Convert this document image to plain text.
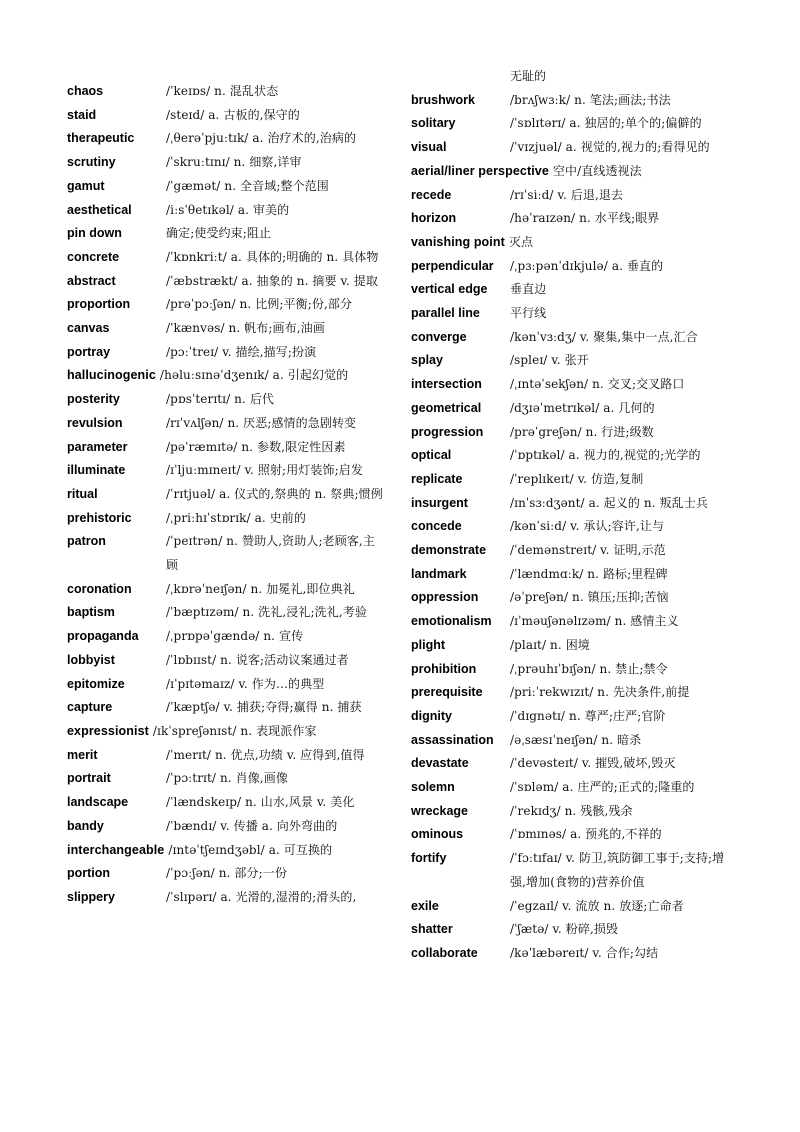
chaos	/ˈkeɪɒs/ n. 混乱状态
staid	/steɪd/ a. 古板的,保守的
therapeutic	/ˌθerəˈpjuːtɪk/ a. 治疗术的,治病的
scrutiny	/ˈskruːtɪnɪ/ n. 细察,详审
gamut	/ˈgæmət/ n. 全音域;整个范围
aesthetical	/iːsˈθetɪkəl/ a. 审美的
pin down	确定;使受约束;阻止
concrete	/ˈkɒnkriːt/ a. 具体的;明确的 n. 具体物
abstract	/ˈæbstrækt/ a. 抽象的 n. 摘要 v. 提取
proportion	/prəˈpɔːʃən/ n. 比例;平衡;份,部分
canvas	/ˈkænvəs/ n. 帆布;画布,油画
portray	/pɔːˈtreɪ/ v. 描绘,描写;扮演
hallucinogenic /həluːsɪnəˈdʒenɪk/ a. 引起幻觉的
posterity	/pɒsˈterɪtɪ/ n. 后代
revulsion	/rɪˈvʌlʃən/ n. 厌恶;感情的急剧转变
parameter	/pəˈræmɪtə/ n. 参数,限定性因素
illuminate	/ɪˈljuːmɪneɪt/ v. 照射;用灯装饰;启发
ritual	/ˈrɪtjuəl/ a. 仪式的,祭典的 n. 祭典;惯例
prehistoric	/ˌpriːhɪˈstɒrɪk/ a. 史前的
patron	/ˈpeɪtrən/ n. 赞助人,资助人;老顾客,主顾
coronation	/ˌkɒrəˈneɪʃən/ n. 加冕礼,即位典礼
baptism	/ˈbæptɪzəm/ n. 洗礼,浸礼;洗礼,考验
propaganda /ˌprɒpəˈgændə/ n. 宣传
lobbyist	/ˈlɒbɪɪst/ n. 说客;活动议案通过者
epitomize	/ɪˈpɪtəmaɪz/ v. 作为…的典型
capture	/ˈkæptʃə/ v. 捕获;夺得;赢得 n. 捕获
expressionist /ɪkˈspreʃənɪst/ n. 表现派作家
merit	/ˈmerɪt/ n. 优点,功绩 v. 应得到,值得
portrait	/ˈpɔːtrɪt/ n. 肖像,画像
landscape	/ˈlændskeɪp/ n. 山水,风景 v. 美化
bandy	/ˈbændɪ/ v. 传播 a. 向外弯曲的
interchangeable /ɪntəˈtʃeɪndʒəbl/ a. 可互换的
portion	/ˈpɔːʃən/ n. 部分;一份
slippery	/ˈslɪpərɪ/ a. 光滑的,湿滑的;滑头的,
无耻的
brushwork	/brʌʃwɜːk/ n. 笔法;画法;书法
solitary	/ˈsɒlɪtərɪ/ a. 独居的;单个的;偏僻的
visual	/ˈvɪzjuəl/ a. 视觉的,视力的;看得见的
aerial/liner perspective 空中/直线透视法
recede	/rɪˈsiːd/ v. 后退,退去
horizon	/həˈraɪzən/ n. 水平线;眼界
vanishing point 灭点
perpendicular /ˌpɜːpənˈdɪkjulə/ a. 垂直的
vertical edge 垂直边
parallel line	平行线
converge	/kənˈvɜːdʒ/ v. 聚集,集中一点,汇合
splay	/spleɪ/ v. 张开
intersection /ˌɪntəˈsekʃən/ n. 交叉;交叉路口
geometrical /dʒɪəˈmetrɪkəl/ a. 几何的
progression /prəˈgreʃən/ n. 行进;级数
optical	/ˈɒptɪkəl/ a. 视力的,视觉的;光学的
replicate	/ˈreplɪkeɪt/ v. 仿造,复制
insurgent	/ɪnˈsɜːdʒənt/ a. 起义的 n. 叛乱士兵
concede	/kənˈsiːd/ v. 承认;容许,让与
demonstrate /ˈdemənstreɪt/ v. 证明,示范
landmark	/ˈlændmɑːk/ n. 路标;里程碑
oppression	/əˈpreʃən/ n. 镇压;压抑;苦恼
emotionalism /ɪˈməuʃənəlɪzəm/ n. 感情主义
plight	/plaɪt/ n. 困境
prohibition	/ˌprəuhɪˈbɪʃən/ n. 禁止;禁令
prerequisite /priːˈrekwɪzɪt/ n. 先决条件,前提
dignity	/ˈdɪgnətɪ/ n. 尊严;庄严;官阶
assassination /əˌsæsɪˈneɪʃən/ n. 暗杀
devastate	/ˈdevəsteɪt/ v. 摧毁,破坏,毁灭
solemn	/ˈsɒləm/ a. 庄严的;正式的;隆重的
wreckage	/ˈrekɪdʒ/ n. 残骸,残余
ominous	/ˈɒmɪnəs/ a. 预兆的,不祥的
fortify	/ˈfɔːtɪfaɪ/ v. 防卫,筑防御工事于;支持;增强,增加(食物的)营养价值
exile	/ˈegzaɪl/ v. 流放 n. 放逐;亡命者
shatter	/ˈʃætə/ v. 粉碎,损毁
collaborate	/kəˈlæbəreɪt/ v. 合作;勾结
